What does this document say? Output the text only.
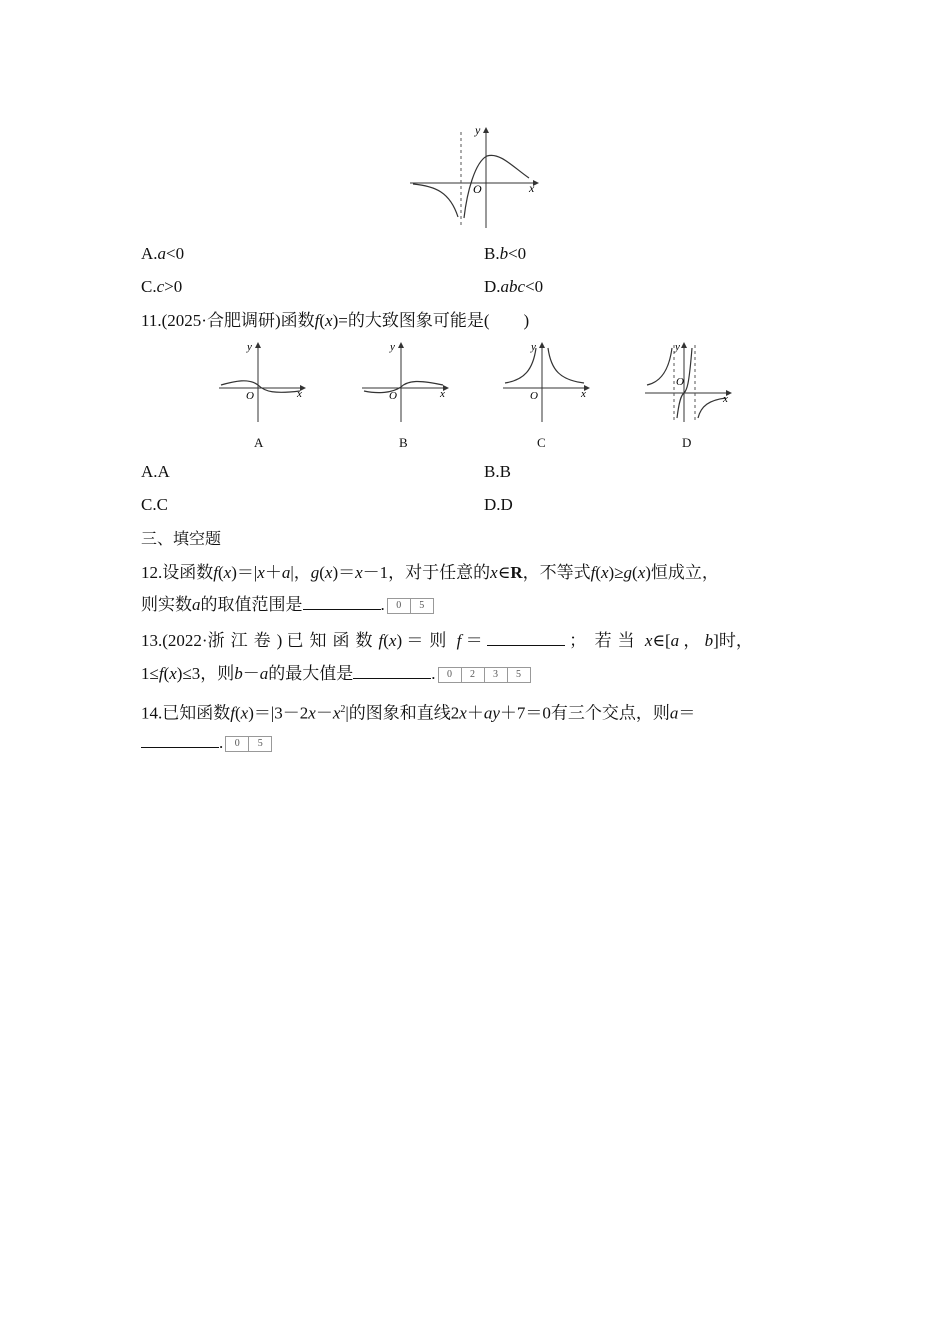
x
y
O
A.a<0	B.b<0
C.c>0	D.abc<0
11.(2025·合肥调研)函数f(x)=的大致图象可能是(　　)
x
y
O	x
y
O	x
y
O	x
y
O
A	B	C	D
A.A	B.B
C.C	D.D
三、填空题
12.设函数f(x)＝|x＋a|，g(x)＝x－1，对于任意的x∈R，不等式f(x)≥g(x)恒成立，
则实数a的取值范围是	.	0	5
13.(2022·浙江卷) 已知函数f(x) ＝则 f ＝	；　 若当 x∈[a ， b]时，
1≤f(x)≤3，则b－a的最大值是	.	0	2	3	5
14.已知函数$f(x)=|3-2x-x^2|$的图象和直线2x＋ay＋7＝0有三个交点，则a＝
.	0	5
